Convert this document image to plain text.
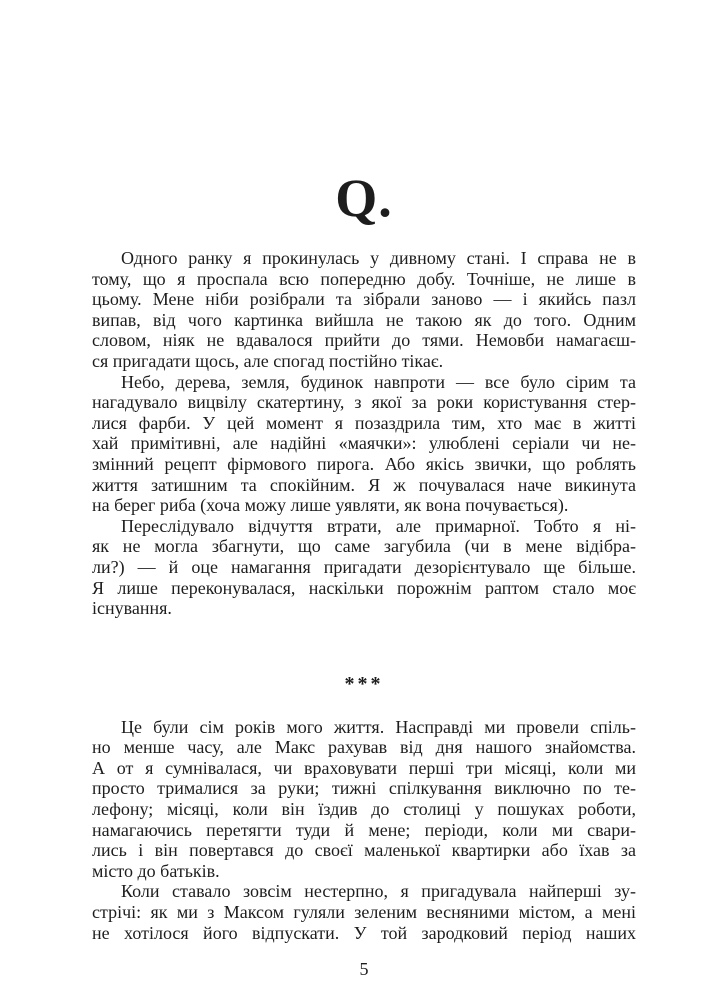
Q.
Одного ранку я прокинулась у дивному стані. І справа не в
тому, що я проспала всю попередню добу. Точніше, не лише в
цьому. Мене ніби розібрали та зібрали заново — і якийсь пазл
випав, від чого картинка вийшла не такою як до того. Одним
словом, ніяк не вдавалося прийти до тями. Немовби намагаєш-
ся пригадати щось, але спогад постійно тікає.
Небо, дерева, земля, будинок навпроти — все було сірим та
нагадувало вицвілу скатертину, з якої за роки користування стер-
лися фарби. У цей момент я позаздрила тим, хто має в житті
хай примітивні, але надійні «маячки»: улюблені серіали чи не-
змінний рецепт фірмового пирога. Або якісь звички, що роблять
життя затишним та спокійним. Я ж почувалася наче викинута
на берег риба (хоча можу лише уявляти, як вона почувається).
Переслідувало відчуття втрати, але примарної. Тобто я ні-
як не могла збагнути, що саме загубила (чи в мене відібра-
ли?) — й оце намагання пригадати дезорієнтувало ще більше.
Я лише переконувалася, наскільки порожнім раптом стало моє
існування.
***
Це були сім років мого життя. Насправді ми провели спіль-
но менше часу, але Макс рахував від дня нашого знайомства.
А от я сумнівалася, чи враховувати перші три місяці, коли ми
просто трималися за руки; тижні спілкування виключно по те-
лефону; місяці, коли він їздив до столиці у пошуках роботи,
намагаючись перетягти туди й мене; періоди, коли ми свари-
лись і він повертався до своєї маленької квартирки або їхав за
місто до батьків.
Коли ставало зовсім нестерпно, я пригадувала найперші зу-
стрічі: як ми з Максом гуляли зеленим весняними містом, а мені
не хотілося його відпускати. У той зародковий період наших
5
